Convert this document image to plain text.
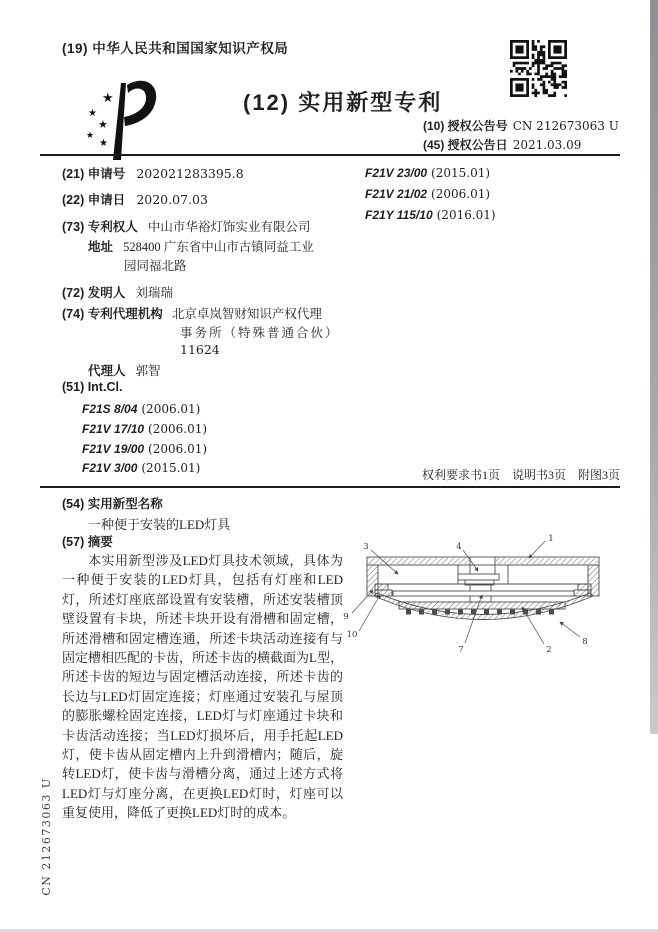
(19) 中华人民共和国国家知识产权局
★
★
★
★
★
(12) 实用新型专利
(10) 授权公告号 CN 212673063 U
(45) 授权公告日 2021.03.09
(21) 申请号 202021283395.8
(22) 申请日 2020.07.03
(73) 专利权人 中山市华裕灯饰实业有限公司
地址 528400 广东省中山市古镇同益工业
园同福北路
(72) 发明人 刘瑞瑞
(74) 专利代理机构 北京卓岚智财知识产权代理
事务所（特殊普通合伙）
11624
代理人 郭智
(51) Int.Cl.
F21S 8/04 (2006.01)
F21V 17/10 (2006.01)
F21V 19/00 (2006.01)
F21V 3/00 (2015.01)
F21V 23/00 (2015.01)
F21V 21/02 (2006.01)
F21Y 115/10 (2016.01)
权利要求书1页　说明书3页　附图3页
(54) 实用新型名称
一种便于安装的LED灯具
(57) 摘要

本实用新型涉及LED灯具技术领域，具体为一种便于安装的LED灯具，包括有灯座和LED灯，所述灯座底部设置有安装槽，所述安装槽顶壁设置有卡块，所述卡块开设有滑槽和固定槽，所述滑槽和固定槽连通，所述卡块活动连接有与固定槽相匹配的卡齿，所述卡齿的横截面为L型，所述卡齿的短边与固定槽活动连接，所述卡齿的长边与LED灯固定连接；灯座通过安装孔与屋顶的膨胀螺栓固定连接，LED灯与灯座通过卡块和卡齿活动连接；当LED灯损坏后，用手托起LED灯，使卡齿从固定槽内上升到滑槽内；随后，旋转LED灯，使卡齿与滑槽分离，通过上述方式将LED灯与灯座分离，在更换LED灯时，灯座可以重复使用，降低了更换LED灯时的成本。

1
2
3	4
7
8
9
10
CN 212673063 U
